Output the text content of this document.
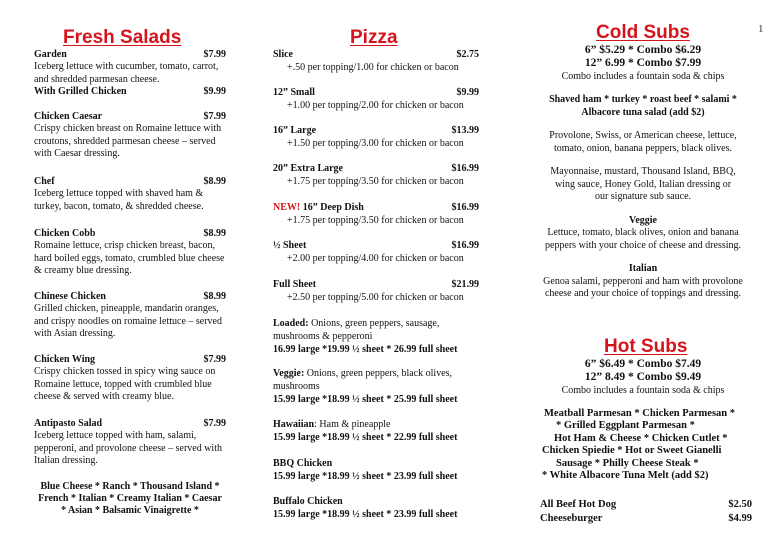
1
Fresh Salads
Garden	$7.99
Iceberg lettuce with cucumber, tomato, carrot, and shredded parmesan cheese.
With Grilled Chicken	$9.99
Chicken Caesar	$7.99
Crispy chicken breast on Romaine lettuce with croutons, shredded parmesan cheese – served with Caesar dressing.
Chef	$8.99
Iceberg lettuce topped with shaved ham & turkey, bacon, tomato, & shredded cheese.
Chicken Cobb	$8.99
Romaine lettuce, crisp chicken breast, bacon, hard boiled eggs, tomato, crumbled blue cheese & creamy blue dressing.
Chinese Chicken	$8.99
Grilled chicken, pineapple, mandarin oranges, and crispy noodles on romaine lettuce – served with Asian dressing.
Chicken Wing	$7.99
Crispy chicken tossed in spicy wing sauce on Romaine lettuce, topped with crumbled blue cheese & served with creamy blue.
Antipasto Salad	$7.99
Iceberg lettuce topped with ham, salami, pepperoni, and provolone cheese – served with Italian dressing.
Blue Cheese * Ranch * Thousand Island *
French * Italian * Creamy Italian * Caesar
* Asian * Balsamic Vinaigrette *
Pizza
Slice	$2.75
+.50 per topping/1.00 for chicken or bacon
12” Small	$9.99
+1.00 per topping/2.00 for chicken or bacon
16” Large	$13.99
+1.50 per topping/3.00 for chicken or bacon
20” Extra Large	$16.99
+1.75 per topping/3.50 for chicken or bacon
NEW! 16” Deep Dish	$16.99
+1.75 per topping/3.50 for chicken or bacon
½ Sheet	$16.99
+2.00 per topping/4.00 for chicken or bacon
Full Sheet	$21.99
+2.50 per topping/5.00 for chicken or bacon
Loaded: Onions, green peppers, sausage, mushrooms & pepperoni
16.99 large *19.99 ½ sheet * 26.99 full sheet
Veggie: Onions, green peppers, black olives, mushrooms
15.99 large *18.99 ½ sheet * 25.99 full sheet
Hawaiian: Ham & pineapple
15.99 large *18.99 ½ sheet * 22.99 full sheet
BBQ Chicken
15.99 large *18.99 ½ sheet * 23.99 full sheet
Buffalo Chicken
15.99 large *18.99 ½ sheet * 23.99 full sheet
Cold Subs
6” $5.29 * Combo $6.29
12” 6.99 * Combo $7.99
Combo includes a fountain soda & chips
Shaved ham * turkey * roast beef * salami *
Albacore tuna salad (add $2)
Provolone, Swiss, or American cheese, lettuce,
tomato, onion, banana peppers, black olives.
Mayonnaise, mustard, Thousand Island, BBQ,
wing sauce, Honey Gold, Italian dressing or
our signature sub sauce.
Veggie
Lettuce, tomato, black olives, onion and banana
peppers with your choice of cheese and dressing.
Italian
Genoa salami, pepperoni and ham with provolone
cheese and your choice of toppings and dressing.
Hot Subs
6” $6.49 * Combo $7.49
12” 8.49 * Combo $9.49
Combo includes a fountain soda & chips
Meatball Parmesan * Chicken Parmesan *
* Grilled Eggplant Parmesan *
Hot Ham & Cheese * Chicken Cutlet *
Chicken Spiedie * Hot or Sweet Gianelli
Sausage * Philly Cheese Steak *
* White Albacore Tuna Melt (add $2)
All Beef Hot Dog	$2.50
Cheeseburger	$4.99
